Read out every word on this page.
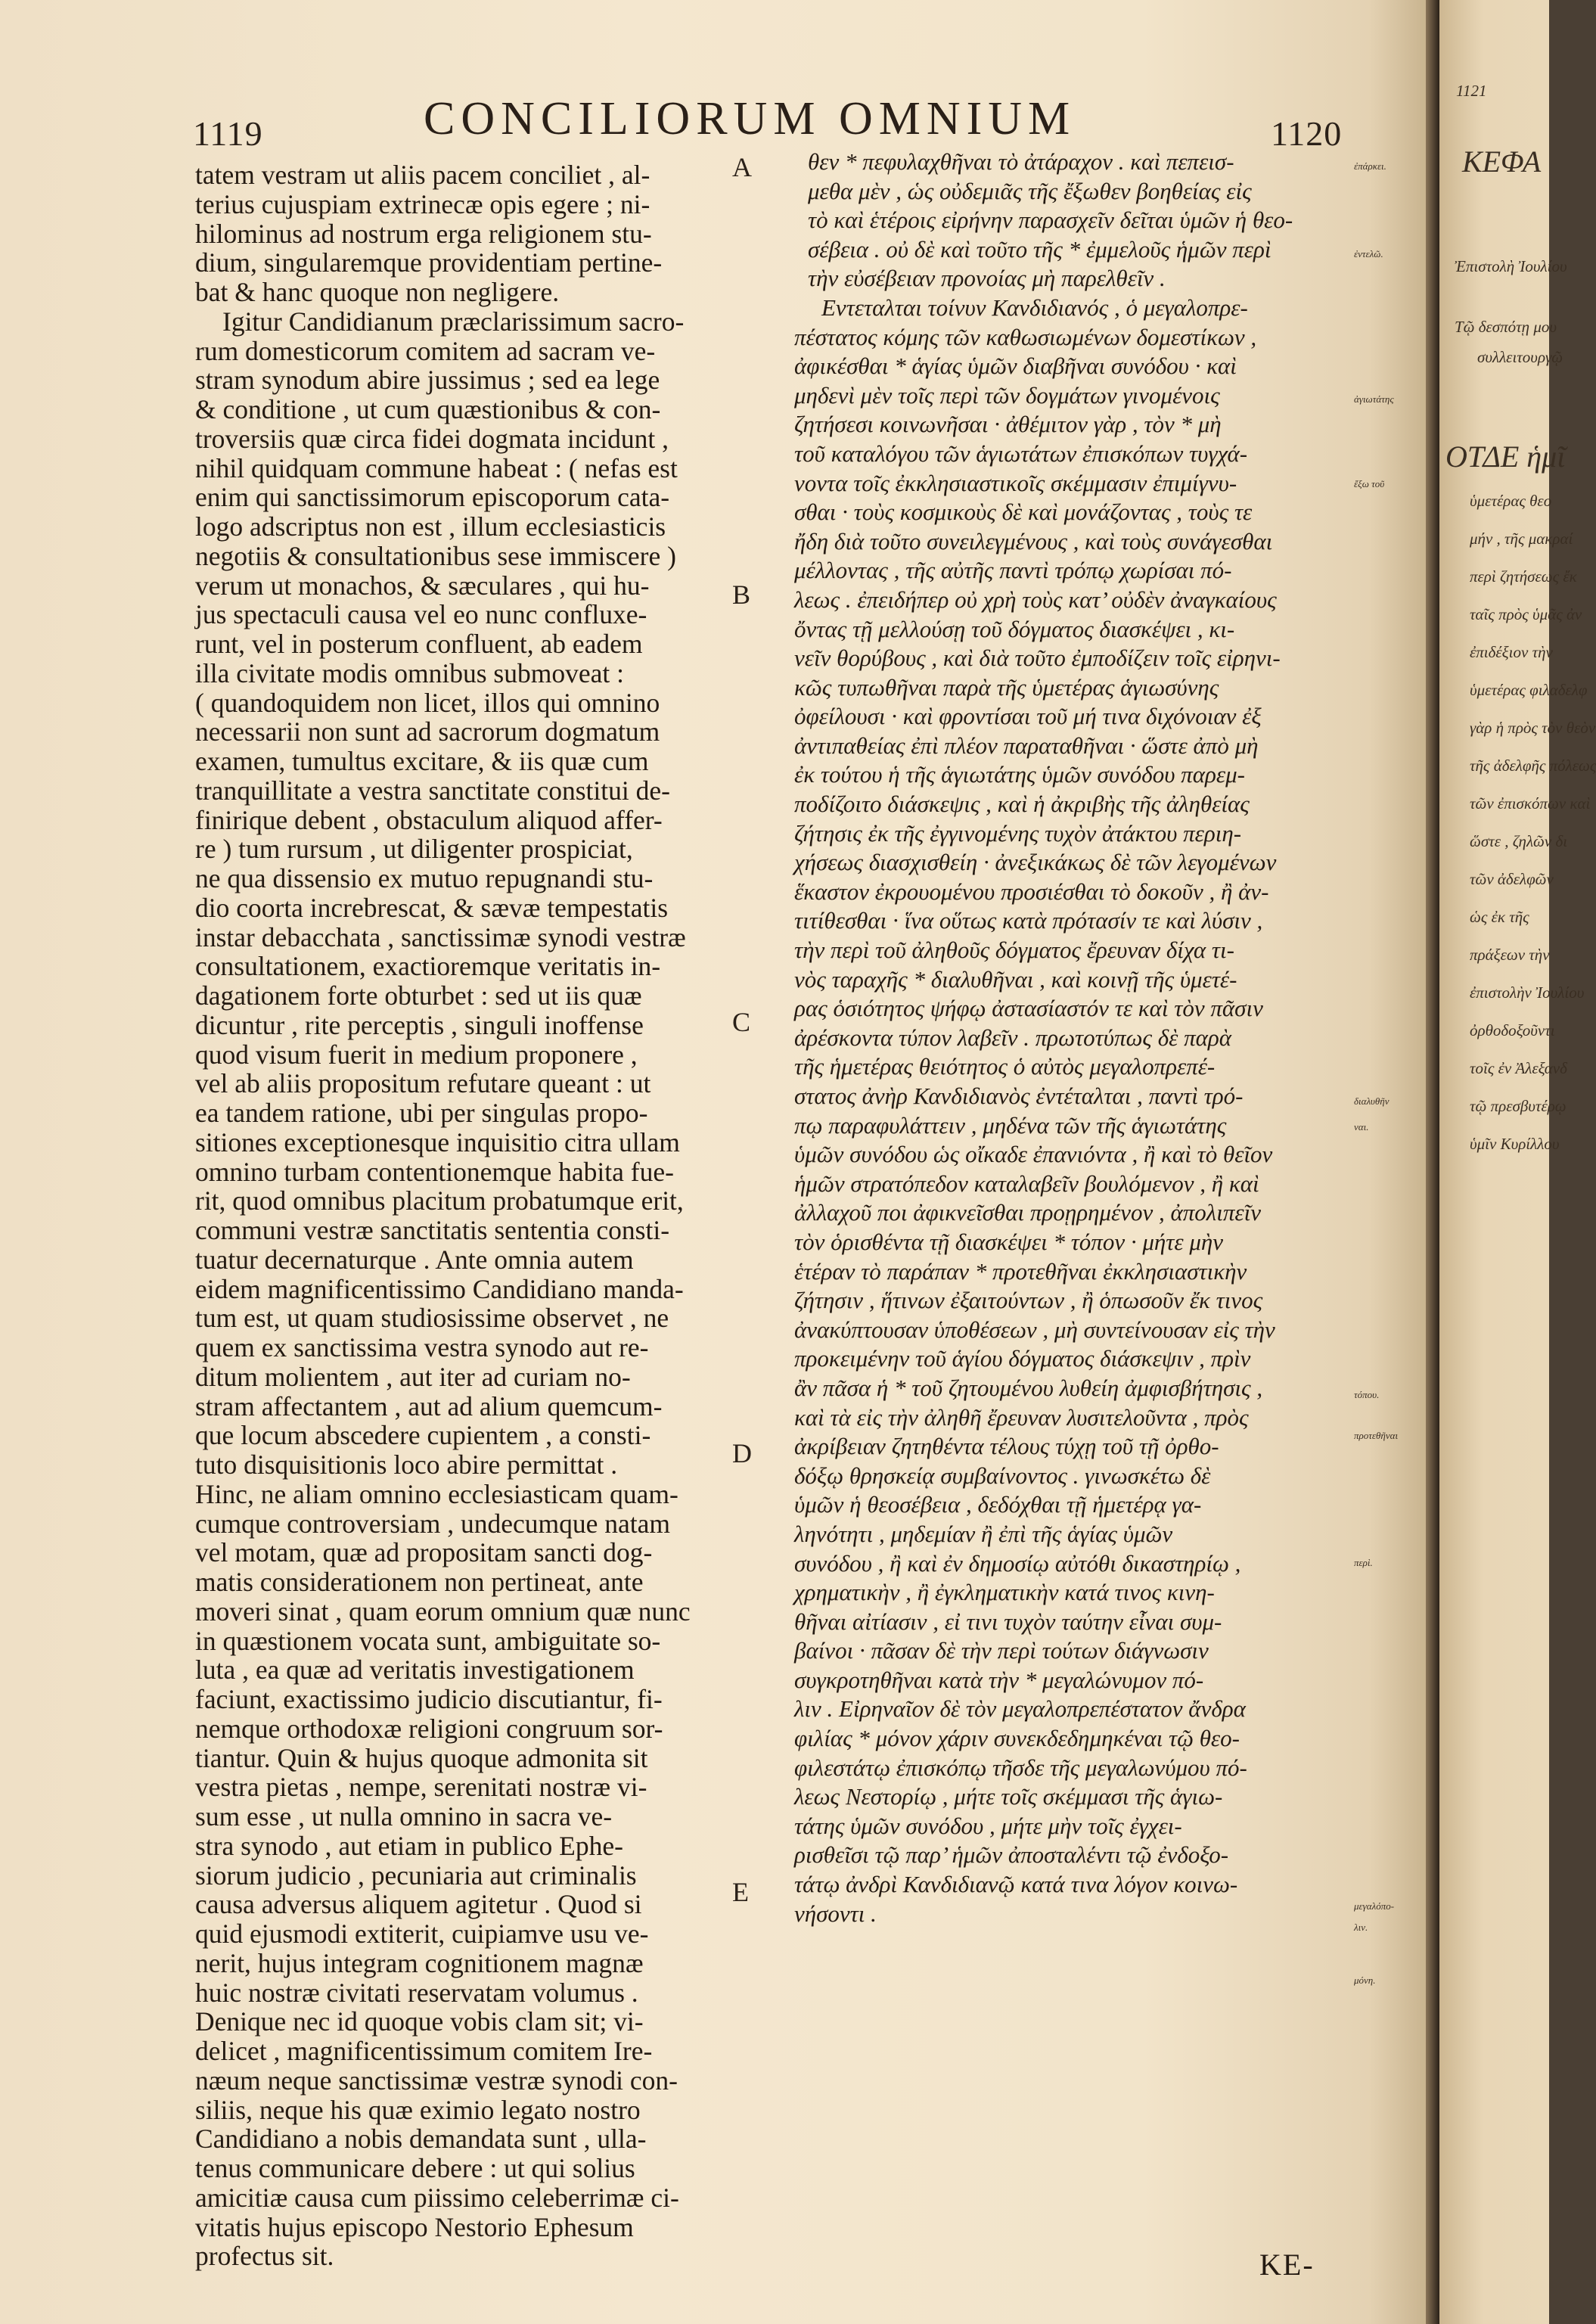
1119	CONCILIORUM OMNIUM	1120

tatem vestram ut aliis pacem conciliet , al-
terius cujuspiam extrinecæ opis egere ; ni-
hilominus ad nostrum erga religionem stu-
dium, singularemque providentiam pertine-
bat & hanc quoque non negligere.

Igitur Candidianum præclarissimum sacro-
rum domesticorum comitem ad sacram ve-
stram synodum abire jussimus ; sed ea lege
& conditione , ut cum quæstionibus & con-
troversiis quæ circa fidei dogmata incidunt ,
nihil quidquam commune habeat : ( nefas est
enim qui sanctissimorum episcoporum cata-
logo adscriptus non est , illum ecclesiasticis
negotiis & consultationibus sese immiscere )
verum ut monachos, & sæculares , qui hu-
jus spectaculi causa vel eo nunc confluxe-
runt, vel in posterum confluent, ab eadem
illa civitate modis omnibus submoveat :
( quandoquidem non licet, illos qui omnino
necessarii non sunt ad sacrorum dogmatum
examen, tumultus excitare, & iis quæ cum
tranquillitate a vestra sanctitate constitui de-
finirique debent , obstaculum aliquod affer-
re ) tum rursum , ut diligenter prospiciat,
ne qua dissensio ex mutuo repugnandi stu-
dio coorta increbrescat, & sævæ tempestatis
instar debacchata , sanctissimæ synodi vestræ
consultationem, exactioremque veritatis in-
dagationem forte obturbet : sed ut iis quæ
dicuntur , rite perceptis , singuli inoffense
quod visum fuerit in medium proponere ,
vel ab aliis propositum refutare queant : ut
ea tandem ratione, ubi per singulas propo-
sitiones exceptionesque inquisitio citra ullam
omnino turbam contentionemque habita fue-
rit, quod omnibus placitum probatumque erit,
communi vestræ sanctitatis sententia consti-
tuatur decernaturque . Ante omnia autem
eidem magnificentissimo Candidiano manda-
tum est, ut quam studiosissime observet , ne
quem ex sanctissima vestra synodo aut re-
ditum molientem , aut iter ad curiam no-
stram affectantem , aut ad alium quemcum-
que locum abscedere cupientem , a consti-
tuto disquisitionis loco abire permittat .
Hinc, ne aliam omnino ecclesiasticam quam-
cumque controversiam , undecumque natam
vel motam, quæ ad propositam sancti dog-
matis considerationem non pertineat, ante
moveri sinat , quam eorum omnium quæ nunc
in quæstionem vocata sunt, ambiguitate so-
luta , ea quæ ad veritatis investigationem
faciunt, exactissimo judicio discutiantur, fi-
nemque orthodoxæ religioni congruum sor-
tiantur. Quin & hujus quoque admonita sit
vestra pietas , nempe, serenitati nostræ vi-
sum esse , ut nulla omnino in sacra ve-
stra synodo , aut etiam in publico Ephe-
siorum judicio , pecuniaria aut criminalis
causa adversus aliquem agitetur . Quod si
quid ejusmodi extiterit, cuipiamve usu ve-
nerit, hujus integram cognitionem magnæ
huic nostræ civitati reservatam volumus .
Denique nec id quoque vobis clam sit; vi-
delicet , magnificentissimum comitem Ire-
næum neque sanctissimæ vestræ synodi con-
siliis, neque his quæ eximio legato nostro
Candidiano a nobis demandata sunt , ulla-
tenus communicare debere : ut qui solius
amicitiæ causa cum piissimo celeberrimæ ci-
vitatis hujus episcopo Nestorio Ephesum
profectus sit.

A
B
C
D
E

θεν * πεφυλαχθῆναι τὸ ἀτάραχον . καὶ πεπεισ-
μεθα μὲν , ὡς οὐδεμιᾶς τῆς ἔξωθεν βοηθείας εἰς
τὸ καὶ ἑτέροις εἰρήνην παρασχεῖν δεῖται ὑμῶν ἡ θεο-
σέβεια . οὐ δὲ καὶ τοῦτο τῆς * ἐμμελοῦς ἡμῶν περὶ
τὴν εὐσέβειαν προνοίας μὴ παρελθεῖν .

Εντεταλται τοίνυν Κανδιδιανός , ὁ μεγαλοπρε-
πέστατος κόμης τῶν καθωσιωμένων δομεστίκων ,
ἀφικέσθαι * ἁγίας ὑμῶν διαβῆναι συνόδου · καὶ
μηδενὶ μὲν τοῖς περὶ τῶν δογμάτων γινομένοις
ζητήσεσι κοινωνῆσαι · ἀθέμιτον γὰρ , τὸν * μὴ
τοῦ καταλόγου τῶν ἁγιωτάτων ἐπισκόπων τυγχά-
νοντα τοῖς ἐκκλησιαστικοῖς σκέμμασιν ἐπιμίγνυ-
σθαι · τοὺς κοσμικοὺς δὲ καὶ μονάζοντας , τοὺς τε
ἤδη διὰ τοῦτο συνειλεγμένους , καὶ τοὺς συνάγεσθαι
μέλλοντας , τῆς αὐτῆς παντὶ τρόπῳ χωρίσαι πό-
λεως . ἐπειδήπερ οὐ χρὴ τοὺς κατ’ οὐδὲν ἀναγκαίους
ὄντας τῇ μελλούσῃ τοῦ δόγματος διασκέψει , κι-
νεῖν θορύβους , καὶ διὰ τοῦτο ἐμποδίζειν τοῖς εἰρηνι-
κῶς τυπωθῆναι παρὰ τῆς ὑμετέρας ἁγιωσύνης
ὀφείλουσι · καὶ φροντίσαι τοῦ μή τινα διχόνοιαν ἐξ
ἀντιπαθείας ἐπὶ πλέον παραταθῆναι · ὥστε ἀπὸ μὴ
ἐκ τούτου ἡ τῆς ἁγιωτάτης ὑμῶν συνόδου παρεμ-
ποδίζοιτο διάσκεψις , καὶ ἡ ἀκριβὴς τῆς ἀληθείας
ζήτησις ἐκ τῆς ἐγγινομένης τυχὸν ἀτάκτου περιη-
χήσεως διασχισθείη · ἀνεξικάκως δὲ τῶν λεγομένων
ἕκαστον ἐκρουομένου προσιέσθαι τὸ δοκοῦν , ἢ ἀν-
τιτίθεσθαι · ἵνα οὕτως κατὰ πρότασίν τε καὶ λύσιν ,
τὴν περὶ τοῦ ἀληθοῦς δόγματος ἔρευναν δίχα τι-
νὸς ταραχῆς * διαλυθῆναι , καὶ κοινῇ τῆς ὑμετέ-
ρας ὁσιότητος ψήφῳ ἀστασίαστόν τε καὶ τὸν πᾶσιν
ἀρέσκοντα τύπον λαβεῖν . πρωτοτύπως δὲ παρὰ
τῆς ἡμετέρας θειότητος ὁ αὐτὸς μεγαλοπρεπέ-
στατος ἀνὴρ Κανδιδιανὸς ἐντέταλται , παντὶ τρό-
πῳ παραφυλάττειν , μηδένα τῶν τῆς ἁγιωτάτης
ὑμῶν συνόδου ὡς οἴκαδε ἐπανιόντα , ἢ καὶ τὸ θεῖον
ἡμῶν στρατόπεδον καταλαβεῖν βουλόμενον , ἢ καὶ
ἀλλαχοῦ ποι ἀφικνεῖσθαι προῃρημένον , ἀπολιπεῖν
τὸν ὁρισθέντα τῇ διασκέψει * τόπον · μήτε μὴν
ἑτέραν τὸ παράπαν * προτεθῆναι ἐκκλησιαστικὴν
ζήτησιν , ἥτινων ἐξαιτούντων , ἢ ὁπωσοῦν ἔκ τινος
ἀνακύπτουσαν ὑποθέσεων , μὴ συντείνουσαν εἰς τὴν
προκειμένην τοῦ ἁγίου δόγματος διάσκεψιν , πρὶν
ἂν πᾶσα ἡ * τοῦ ζητουμένου λυθείη ἀμφισβήτησις ,
καὶ τὰ εἰς τὴν ἀληθῆ ἔρευναν λυσιτελοῦντα , πρὸς
ἀκρίβειαν ζητηθέντα τέλους τύχῃ τοῦ τῇ ὀρθο-
δόξῳ θρησκείᾳ συμβαίνοντος . γινωσκέτω δὲ
ὑμῶν ἡ θεοσέβεια , δεδόχθαι τῇ ἡμετέρᾳ γα-
ληνότητι , μηδεμίαν ἢ ἐπὶ τῆς ἁγίας ὑμῶν
συνόδου , ἢ καὶ ἐν δημοσίῳ αὐτόθι δικαστηρίῳ ,
χρηματικὴν , ἢ ἐγκληματικὴν κατά τινος κινη-
θῆναι αἰτίασιν , εἰ τινι τυχὸν ταύτην εἶναι συμ-
βαίνοι · πᾶσαν δὲ τὴν περὶ τούτων διάγνωσιν
συγκροτηθῆναι κατὰ τὴν * μεγαλώνυμον πό-
λιν . Εἰρηναῖον δὲ τὸν μεγαλοπρεπέστατον ἄνδρα
φιλίας * μόνον χάριν συνεκδεδημηκέναι τῷ θεο-
φιλεστάτῳ ἐπισκόπῳ τῆσδε τῆς μεγαλωνύμου πό-
λεως Νεστορίῳ , μήτε τοῖς σκέμμασι τῆς ἁγιω-
τάτης ὑμῶν συνόδου , μήτε μὴν τοῖς ἐγχει-
ρισθεῖσι τῷ παρ’ ἡμῶν ἀποσταλέντι τῷ ἐνδοξο-
τάτῳ ἀνδρὶ Κανδιδιανῷ κατά τινα λόγον κοινω-
νήσοντι .

ἐπάρκει.
ἐντελῶ.
ἀγιωτάτης
ἔξω τοῦ
διαλυθῆν
ναι.
τόπου.
προτεθῆναι
περὶ.
μεγαλόπο-
λιν.
μόνη.
KE-
1121
ΚΕΦΑ
Ἐπιστολὴ Ἰουλίου
Τῷ δεσπότῃ μου
συλλειτουργῷ
ΟΤΔΕ ἡμῖ
ὑμετέρας θεο
μήν , τῆς μακραί
περὶ ζητήσεως ἔκ
ταῖς πρὸς ὑμᾶς ἀν
ἐπιδέξιον τὴν
ὑμετέρας φιλαδελφ
γὰρ ἡ πρὸς τὸν θεὸν
τῆς ἀδελφῆς πόλεως
τῶν ἐπισκόπων καὶ
ὥστε , ζηλῶν δι
τῶν ἀδελφῶν
ὡς ἐκ τῆς
πράξεων τὴν
ἐπιστολὴν Ἰουλίου
ὀρθοδοξοῦντι
τοῖς ἐν Ἀλεξανδ
τῷ πρεσβυτέρῳ
ὑμῖν Κυρίλλου
